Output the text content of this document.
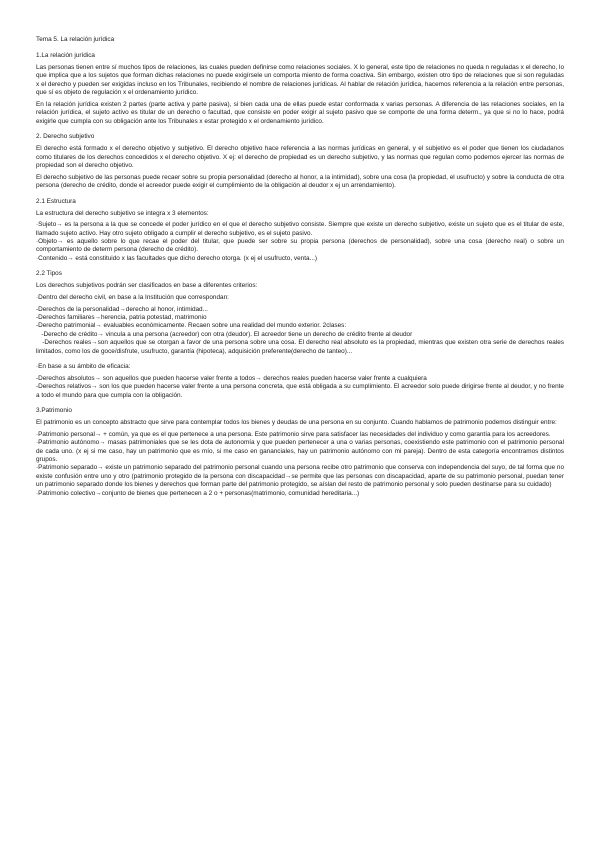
Tema 5. La relación jurídica

1.La relación jurídica

Las personas tienen entre sí muchos tipos de relaciones, las cuales pueden definirse como relaciones sociales. X lo general, este tipo de relaciones no queda n reguladas x el derecho, lo que implica que a los sujetos que forman dichas relaciones no puede exigírsele un comporta miento de forma coactiva. Sin embargo, existen otro tipo de relaciones que si son reguladas x el derecho y pueden ser exigidas incluso en los Tribunales, recibiendo el nombre de relaciones jurídicas. Al hablar de relación jurídica, hacemos referencia a la relación entre personas, que sí es objeto de regulación x el ordenamiento jurídico.

En la relación jurídica existen 2 partes (parte activa y parte pasiva), si bien cada una de ellas puede estar conformada x varias personas. A diferencia de las relaciones sociales, en la relación jurídica, el sujeto activo es titular de un derecho o facultad, que consiste en poder exigir al sujeto pasivo que se comporte de una forma determ., ya que si no lo hace, podrá exigirle que cumpla con su obligación ante los Tribunales x estar protegido x el ordenamiento jurídico.

2. Derecho subjetivo

El derecho está formado x el derecho objetivo y subjetivo. El derecho objetivo hace referencia a las normas jurídicas en general, y el subjetivo es el poder que tienen los ciudadanos como titulares de los derechos concedidos x el derecho objetivo. X ej: el derecho de propiedad es un derecho subjetivo, y las normas que regulan como podemos ejercer las normas de propiedad son el derecho objetivo.

El derecho subjetivo de las personas puede recaer sobre su propia personalidad (derecho al honor, a la intimidad), sobre una cosa (la propiedad, el usufructo) y sobre la conducta de otra persona (derecho de crédito, donde el acreedor puede exigir el cumplimiento de la obligación al deudor x ej un arrendamiento).

2.1 Estructura

La estructura del derecho subjetivo se integra x 3 elementos:

·Sujeto→ es la persona a la que se concede el poder jurídico en el que el derecho subjetivo consiste. Siempre que existe un derecho subjetivo, existe un sujeto que es el titular de este, llamado sujeto activo. Hay otro sujeto obligado a cumplir el derecho subjetivo, es el sujeto pasivo.

·Objeto→ es aquello sobre lo que recae el poder del titular, que puede ser sobre su propia persona (derechos de personalidad), sobre una cosa (derecho real) o sobre un comportamiento de determ persona (derecho de crédito).

·Contenido→ está constituido x las facultades que dicho derecho otorga. (x ej el usufructo, venta...)

2.2 Tipos

Los derechos subjetivos podrán ser clasificados en base a diferentes criterios:

·Dentro del derecho civil, en base a la Institución que correspondan:

-Derechos de la personalidad→derecho al honor, intimidad...

-Derechos familiares→herencia, patria potestad, matrimonio

-Derecho patrimonial→ evaluables económicamente. Recaen sobre una realidad del mundo exterior. 2clases:

-Derecho de crédito→ vincula a una persona (acreedor) con otra (deudor). El acreedor tiene un derecho de crédito frente al deudor

-Derechos reales→son aquellos que se otorgan a favor de una persona sobre una cosa. El derecho real absoluto es la propiedad, mientras que existen otra serie de derechos reales limitados, como los de goce/disfrute, usufructo, garantía (hipoteca), adquisición preferente(derecho de tanteo)...

·En base a su ámbito de eficacia:

-Derechos absolutos→ son aquellos que pueden hacerse valer frente a todos→ derechos reales pueden hacerse valer frente a cualquiera

-Derechos relativos→ son los que pueden hacerse valer frente a una persona concreta, que está obligada a su cumplimiento. El acreedor solo puede dirigirse frente al deudor, y no frente a todo el mundo para que cumpla con la obligación.

3.Patrimonio

El patrimonio es un concepto abstracto que sirve para contemplar todos los bienes y deudas de una persona en su conjunto. Cuando hablamos de patrimonio podemos distinguir entre:

·Patrimonio personal→ + común, ya que es el que pertenece a una persona. Este patrimonio sirve para satisfacer las necesidades del individuo y como garantía para los acreedores.

·Patrimonio autónomo→ masas patrimoniales que se les dota de autonomía y que pueden pertenecer a una o varias personas, coexistiendo este patrimonio con el patrimonio personal de cada uno. (x ej si me caso, hay un patrimonio que es mío, si me caso en gananciales, hay un patrimonio autónomo con mi pareja). Dentro de esta categoría encontramos distintos grupos.

·Patrimonio separado→ existe un patrimonio separado del patrimonio personal cuando una persona recibe otro patrimonio que conserva con independencia del suyo, de tal forma que no existe confusión entre uno y otro (patrimonio protegido de la persona con discapacidad→se permite que las personas con discapacidad, aparte de su patrimonio personal, puedan tener un patrimonio separado donde los bienes y derechos que forman parte del patrimonio protegido, se aíslan del resto de patrimonio personal y solo pueden destinarse para su cuidado)

·Patrimonio colectivo→conjunto de bienes que pertenecen a 2 o + personas(matrimonio, comunidad hereditaria...)
